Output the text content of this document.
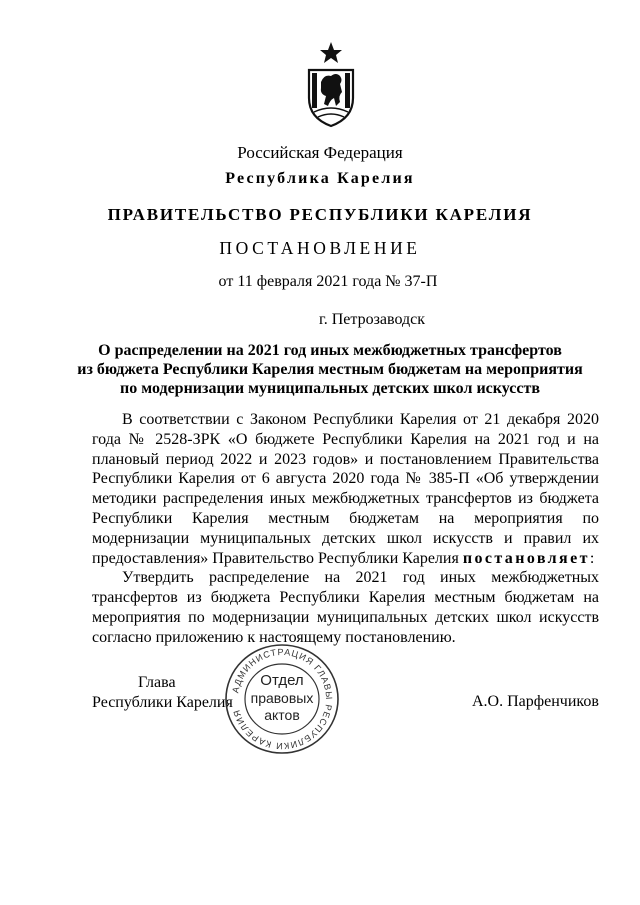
Российская Федерация
Республика Карелия
ПРАВИТЕЛЬСТВО РЕСПУБЛИКИ КАРЕЛИЯ
ПОСТАНОВЛЕНИЕ
от 11 февраля 2021 года № 37-П
г. Петрозаводск
О распределении на 2021 год иных межбюджетных трансфертов
из бюджета Республики Карелия местным бюджетам на мероприятия
по модернизации муниципальных детских школ искусств

В соответствии с Законом Республики Карелия от 21 декабря 2020 года № 2528-ЗРК «О бюджете Республики Карелия на 2021 год и на плановый период 2022 и 2023 годов» и постановлением Правительства Республики Карелия от 6 августа 2020 года № 385-П «Об утверждении методики распределения иных межбюджетных трансфертов из бюджета Республики Карелия местным бюджетам на мероприятия по модернизации муниципальных детских школ искусств и правил их предоставления» Правительство Республики Карелия постановляет:

Утвердить распределение на 2021 год иных межбюджетных трансфертов из бюджета Республики Карелия местным бюджетам на мероприятия по модернизации муниципальных детских школ искусств согласно приложению к настоящему постановлению.

Глава
Республики Карелия
АДМИНИСТРАЦИЯ ГЛАВЫ РЕСПУБЛИКИ КАРЕЛИЯ
Отдел
правовых
актов
А.О. Парфенчиков
